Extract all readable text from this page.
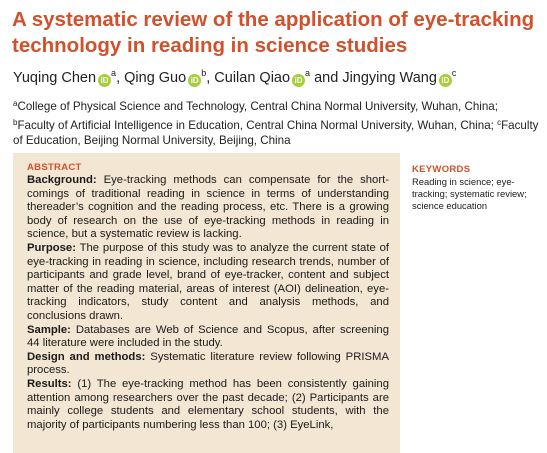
A systematic review of the application of eye-tracking technology in reading in science studies
Yuqing Chen $iD^a$, Qing Guo $iD^b$, Cuilan Qiao $iD^a$ and Jingying Wang $iD^c$
$^a$College of Physical Science and Technology, Central China Normal University, Wuhan, China; $^b$Faculty of Artificial Intelligence in Education, Central China Normal University, Wuhan, China; $^c$Faculty of Education, Beijing Normal University, Beijing, China
ABSTRACT

Background: Eye-tracking methods can compensate for the short-comings of traditional reading in science in terms of understanding thereader’s cognition and the reading process, etc. There is a growing body of research on the use of eye-tracking methods in reading in science, but a systematic review is lacking.

Purpose: The purpose of this study was to analyze the current state of eye-tracking in reading in science, including research trends, number of participants and grade level, brand of eye-tracker, content and subject matter of the reading material, areas of interest (AOI) delineation, eye-tracking indicators, study content and analysis methods, and conclusions drawn.

Sample: Databases are Web of Science and Scopus, after screening 44 literature were included in the study.

Design and methods: Systematic literature review following PRISMA process.

Results: (1) The eye-tracking method has been consistently gaining attention among researchers over the past decade; (2) Participants are mainly college students and elementary school students, with the majority of participants numbering less than 100; (3) EyeLink,

KEYWORDS
Reading in science; eye-tracking; systematic review; science education
